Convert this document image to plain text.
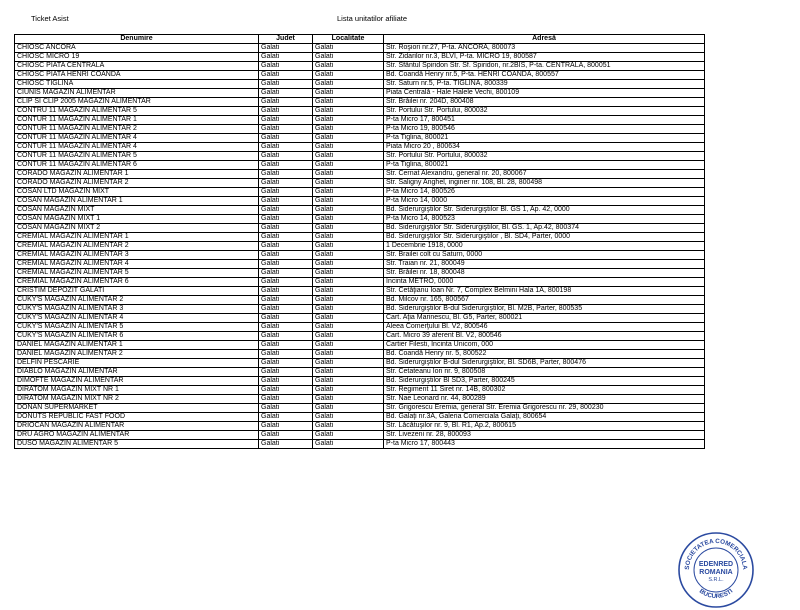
Ticket Asist	Lista unitatilor afiliate
Denumire	Judet	Localitate	Adresă
CHIOSC ANCORA	Galati	Galati	Str. Roşiori nr.27, P-ta. ANCORA, 800073
CHIOSC MICRO 19	Galati	Galati	Str. Zidarilor nr.3, BLVI, P-ta. MICRO 19, 800587
CHIOSC PIATA CENTRALA	Galati	Galati	Str. Sfântul Spiridon Str. Sf. Spiridon, nr.2BIS, P-ta. CENTRALA, 800051
CHIOSC PIATA HENRI COANDA	Galati	Galati	Bd. Coandă Henry nr.5, P-ta. HENRI COANDA, 800557
CHIOSC TIGLINA	Galati	Galati	Str. Saturn nr.5, P-ta. TIGLINA, 800339
CIUNIS MAGAZIN ALIMENTAR	Galati	Galati	Piata Centrală - Hale Halele Vechi, 800109
CLIP SI CLIP 2005 MAGAZIN ALIMENTAR	Galati	Galati	Str. Brăilei nr. 204D, 800408
CONTRU 11 MAGAZIN ALIMENTAR 5	Galati	Galati	Str. Portului Str. Portului, 800032
CONTUR 11 MAGAZIN ALIMENTAR 1	Galati	Galati	P-ta Micro 17, 800451
CONTUR 11 MAGAZIN ALIMENTAR 2	Galati	Galati	P-ta Micro 19, 800546
CONTUR 11 MAGAZIN ALIMENTAR 4	Galati	Galati	P-ta Tiglina, 800021
CONTUR 11 MAGAZIN ALIMENTAR 4	Galati	Galati	Piata Micro 20 , 800634
CONTUR 11 MAGAZIN ALIMENTAR 5	Galati	Galati	Str. Portului Str. Portului, 800032
CONTUR 11 MAGAZIN ALIMENTAR 6	Galati	Galati	P-ta Tiglina, 800021
CORADO MAGAZIN ALIMENTAR 1	Galati	Galati	Str. Cernat Alexandru, general nr. 20, 800067
CORADO MAGAZIN ALIMENTAR 2	Galati	Galati	Str. Saligny Anghel, inginer nr. 108, Bl. 28, 800498
COSAN LTD MAGAZIN MIXT	Galati	Galati	P-ta Micro 14, 800526
COSAN MAGAZIN ALIMENTAR 1	Galati	Galati	P-ta Micro 14, 0000
COSAN MAGAZIN MIXT	Galati	Galati	Bd. Siderurgiştilor Str. Siderurgiştilor Bl. GS 1, Ap. 42, 0000
COSAN MAGAZIN MIXT 1	Galati	Galati	P-ta Micro 14, 800523
COSAN MAGAZIN MIXT 2	Galati	Galati	Bd. Siderurgiştilor Str. Siderurgiştilor, Bl. GS. 1, Ap.42, 800374
CREMIAL MAGAZIN ALIMENTAR 1	Galati	Galati	Bd. Siderurgiştilor Str. Siderurgiştilor , Bl. SD4, Parter, 0000
CREMIAL MAGAZIN ALIMENTAR 2	Galati	Galati	1 Decembrie 1918, 0000
CREMIAL MAGAZIN ALIMENTAR 3	Galati	Galati	Str. Brailei colt cu Saturn, 0000
CREMIAL MAGAZIN ALIMENTAR 4	Galati	Galati	Str. Traian nr. 21, 800049
CREMIAL MAGAZIN ALIMENTAR 5	Galati	Galati	Str. Brăilei nr. 18, 800048
CREMIAL MAGAZIN ALIMENTAR 6	Galati	Galati	Incinta METRO, 0000
CRISTIM DEPOZIT GALATI	Galati	Galati	Str. Cetăţianu Ioan Nr. 7, Complex Belmini Hala 1A, 800198
CUKY'S MAGAZIN ALIMENTAR 2	Galati	Galati	Bd. Milcov nr. 165, 800567
CUKY'S MAGAZIN ALIMENTAR 3	Galati	Galati	Bd. Siderurgiştilor B-dul Siderurgiştilor, Bl. M2B, Parter, 800535
CUKY'S MAGAZIN ALIMENTAR 4	Galati	Galati	Cart. Aţia Marinescu, Bl. G5, Parter, 800021
CUKY'S MAGAZIN ALIMENTAR 5	Galati	Galati	Aleea Comerţului Bl. V2, 800546
CUKY'S MAGAZIN ALIMENTAR 6	Galati	Galati	Cart. Micro 39 aferent Bl. V2, 800546
DANIEL MAGAZIN ALIMENTAR 1	Galati	Galati	Cartier Filesti, Incinta Unicom, 000
DANIEL MAGAZIN ALIMENTAR 2	Galati	Galati	Bd. Coandă Henry nr. 5, 800522
DELFIN PESCARIE	Galati	Galati	Bd. Siderurgiştilor B-dul Siderurgiştilor, Bl. SD6B, Parter, 800476
DIABLO MAGAZIN ALIMENTAR	Galati	Galati	Str. Cetateanu Ion nr. 9, 800508
DIMOFTE MAGAZIN ALIMENTAR	Galati	Galati	Bd. Siderurgiştilor Bl SD3, Parter, 800245
DIRATOM MAGAZIN MIXT NR 1	Galati	Galati	Str. Regiment 11 Siret nr. 14B, 800302
DIRATOM MAGAZIN MIXT NR 2	Galati	Galati	Str. Nae Leonard nr. 44, 800289
DONAN SUPERMARKET	Galati	Galati	Str. Grigorescu Eremia, general Str. Eremia Grigorescu nr. 29, 800230
DONUTS REPUBLIC FAST FOOD	Galati	Galati	Bd. Galaţi nr.3A, Galeria Comerciala Galaţi, 800654
DRIOCAN MAGAZIN ALIMENTAR	Galati	Galati	Str. Lăcătuşilor nr. 9, Bl. R1, Ap.2, 800615
DRU AGRO MAGAZIN ALIMENTAR	Galati	Galati	Str. Livezeni nr. 28, 800093
DUSO MAGAZIN ALIMENTAR 5	Galati	Galati	P-ta Micro 17, 800443
SOCIETATEA COMERCIALA
BUCURESTI
EDENRED
ROMANIA
S.R.L.
